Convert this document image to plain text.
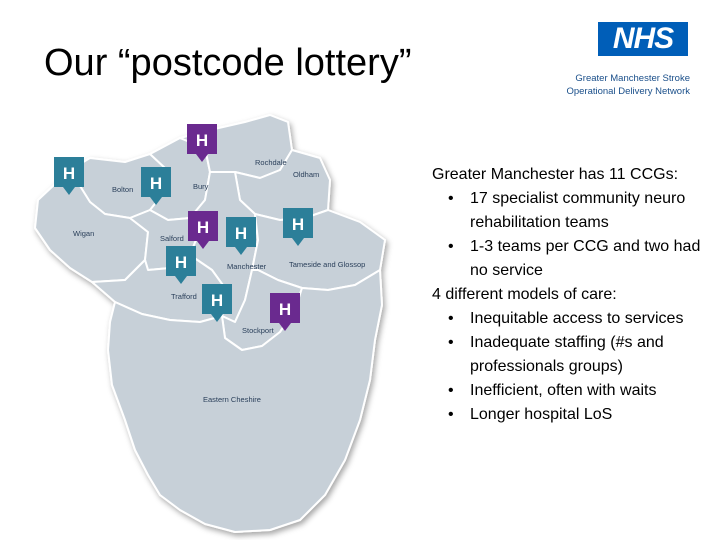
Our “postcode lottery”
NHS
Greater Manchester Stroke
Operational Delivery Network
Rochdale
Bolton	Bury
Oldham
Wigan
Salford
Manchester	Tameside and Glossop
Trafford
Stockport
Eastern Cheshire
H
H
H
H H	H
H
H	H

Greater Manchester has 11 CCGs:

• 17 specialist community neuro rehabilitation teams
• 1-3 teams per CCG and two had no service

4 different models of care:

• Inequitable access to services
• Inadequate staffing (#s and professionals groups)
• Inefficient, often with waits
• Longer hospital LoS
